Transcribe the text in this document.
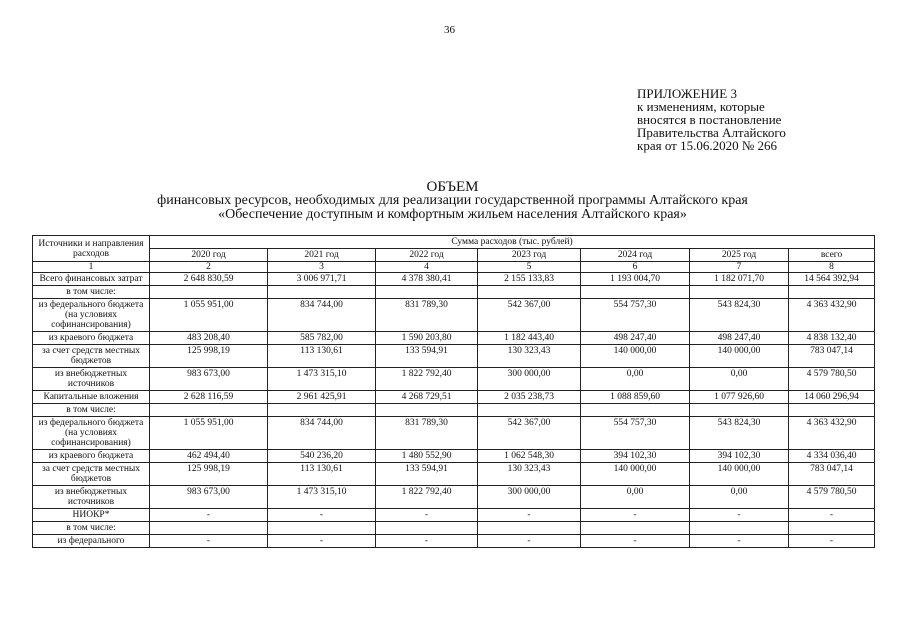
36
ПРИЛОЖЕНИЕ 3
к изменениям, которые
вносятся в постановление
Правительства Алтайского
края от 15.06.2020 № 266
ОБЪЕМ
финансовых ресурсов, необходимых для реализации государственной программы Алтайского края
«Обеспечение доступным и комфортным жильем населения Алтайского края»
Источники и направления расходов	Сумма расходов (тыс. рублей)						
	2020 год	2021 год	2022 год	2023 год	2024 год	2025 год	всего
1	2	3	4	5	6	7	8
Всего финансовых затрат	2 648 830,59	3 006 971,71	4 378 380,41	2 155 133,83	1 193 004,70	1 182 071,70	14 564 392,94
в том числе:							
из федерального бюджета (на условиях софинансирования)	1 055 951,00	834 744,00	831 789,30	542 367,00	554 757,30	543 824,30	4 363 432,90
из краевого бюджета	483 208,40	585 782,00	1 590 203,80	1 182 443,40	498 247,40	498 247,40	4 838 132,40
за счет средств местных бюджетов	125 998,19	113 130,61	133 594,91	130 323,43	140 000,00	140 000,00	783 047,14
из внебюджетных источников	983 673,00	1 473 315,10	1 822 792,40	300 000,00	0,00	0,00	4 579 780,50
Капитальные вложения	2 628 116,59	2 961 425,91	4 268 729,51	2 035 238,73	1 088 859,60	1 077 926,60	14 060 296,94
в том числе:							
из федерального бюджета (на условиях софинансирования)	1 055 951,00	834 744,00	831 789,30	542 367,00	554 757,30	543 824,30	4 363 432,90
из краевого бюджета	462 494,40	540 236,20	1 480 552,90	1 062 548,30	394 102,30	394 102,30	4 334 036,40
за счет средств местных бюджетов	125 998,19	113 130,61	133 594,91	130 323,43	140 000,00	140 000,00	783 047,14
из внебюджетных источников	983 673,00	1 473 315,10	1 822 792,40	300 000,00	0,00	0,00	4 579 780,50
НИОКР*	-	-	-	-	-	-	-
в том числе:							
из федерального	-	-	-	-	-	-	-
